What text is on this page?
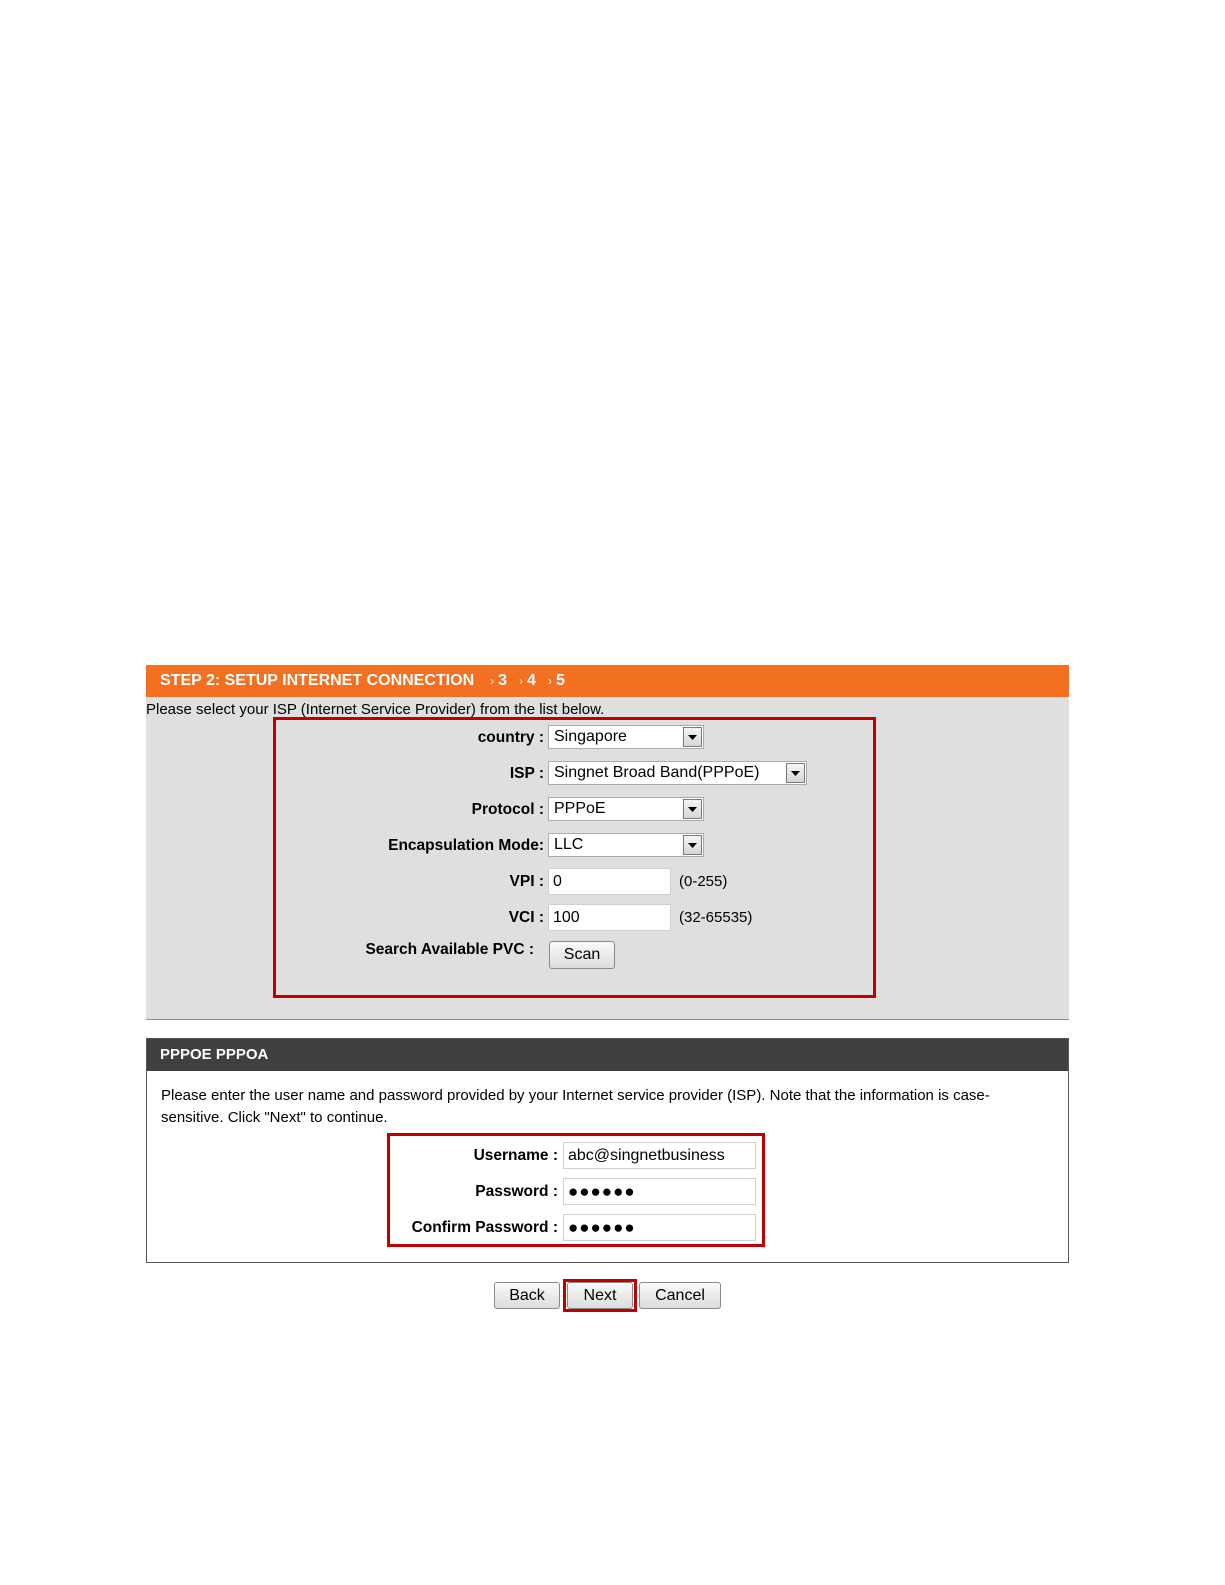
STEP 2: SETUP INTERNET CONNECTION › 3 › 4 › 5
Please select your ISP (Internet Service Provider) from the list below.
country : Singapore
ISP : Singnet Broad Band(PPPoE)
Protocol : PPPoE
Encapsulation Mode: LLC
VPI : 0	(0-255)
VCI : 100	(32-65535)
Search Available PVC :	Scan
PPPOE PPPOA
Please enter the user name and password provided by your Internet service provider (ISP). Note that the information is case-sensitive. Click "Next" to continue.
Username : abc@singnetbusiness
Password : ●●●●●●
Confirm Password : ●●●●●●
Back	Next	Cancel
